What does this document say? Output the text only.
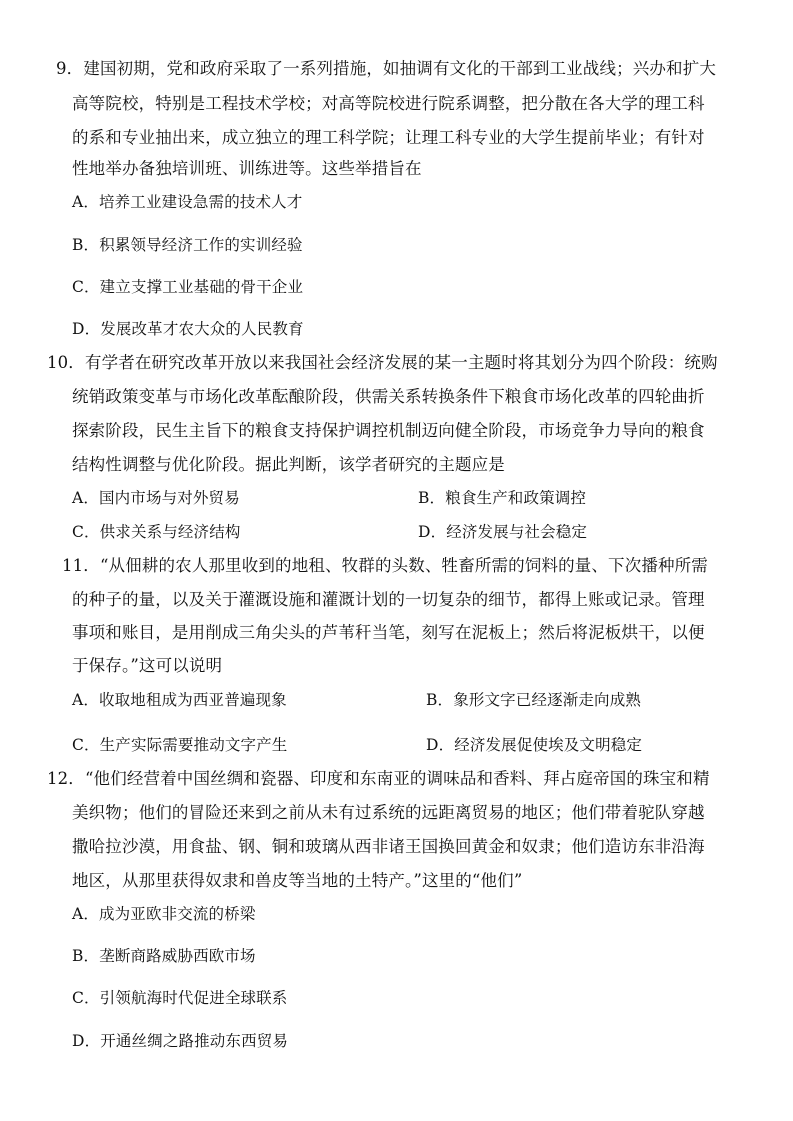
9．建国初期，党和政府采取了一系列措施，如抽调有文化的干部到工业战线；兴办和扩大
高等院校，特别是工程技术学校；对高等院校进行院系调整，把分散在各大学的理工科
的系和专业抽出来，成立独立的理工科学院；让理工科专业的大学生提前毕业；有针对
性地举办备独培训班、训练进等。这些举措旨在
A．培养工业建设急需的技术人才
B．积累领导经济工作的实训经验
C．建立支撑工业基础的骨干企业
D．发展改革才农大众的人民教育
10．有学者在研究改革开放以来我国社会经济发展的某一主题时将其划分为四个阶段：统购
统销政策变革与市场化改革酝酿阶段，供需关系转换条件下粮食市场化改革的四轮曲折
探索阶段，民生主旨下的粮食支持保护调控机制迈向健全阶段，市场竞争力导向的粮食
结构性调整与优化阶段。据此判断，该学者研究的主题应是
A．国内市场与对外贸易	B．粮食生产和政策调控
C．供求关系与经济结构	D．经济发展与社会稳定
11．“从佃耕的农人那里收到的地租、牧群的头数、牲畜所需的饲料的量、下次播种所需
的种子的量，以及关于灌溉设施和灌溉计划的一切复杂的细节，都得上账或记录。管理
事项和账目，是用削成三角尖头的芦苇秆当笔，刻写在泥板上；然后将泥板烘干，以便
于保存。”这可以说明
A．收取地租成为西亚普遍现象	B．象形文字已经逐渐走向成熟
C．生产实际需要推动文字产生	D．经济发展促使埃及文明稳定
12．“他们经营着中国丝绸和瓷器、印度和东南亚的调味品和香料、拜占庭帝国的珠宝和精
美织物；他们的冒险还来到之前从未有过系统的远距离贸易的地区；他们带着驼队穿越
撒哈拉沙漠，用食盐、钢、铜和玻璃从西非诸王国换回黄金和奴隶；他们造访东非沿海
地区，从那里获得奴隶和兽皮等当地的土特产。”这里的“他们”
A．成为亚欧非交流的桥梁
B．垄断商路威胁西欧市场
C．引领航海时代促进全球联系
D．开通丝绸之路推动东西贸易
